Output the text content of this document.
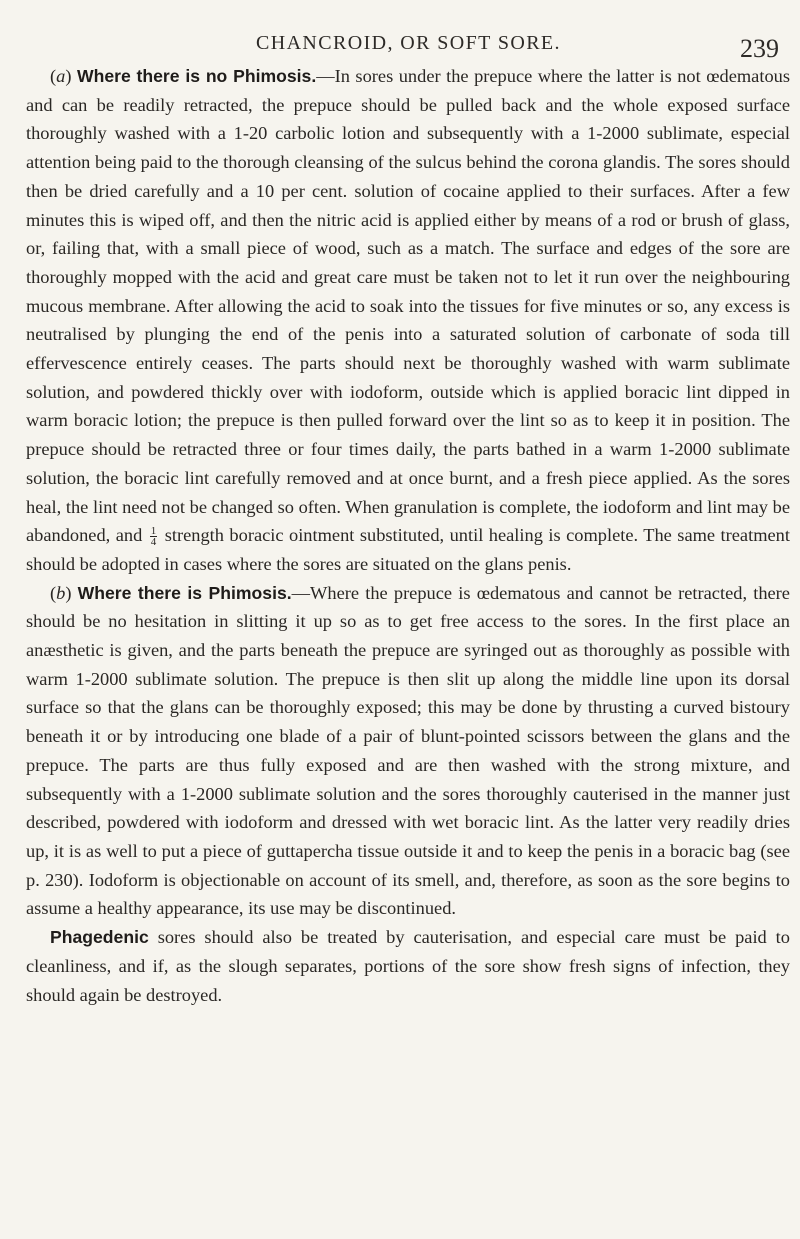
CHANCROID, OR SOFT SORE.	239

(a) Where there is no Phimosis.—In sores under the prepuce where the latter is not œdematous and can be readily retracted, the prepuce should be pulled back and the whole exposed surface thoroughly washed with a 1-20 carbolic lotion and subsequently with a 1-2000 sublimate, especial attention being paid to the thorough cleansing of the sulcus behind the corona glandis. The sores should then be dried carefully and a 10 per cent. solution of cocaine applied to their surfaces. After a few minutes this is wiped off, and then the nitric acid is applied either by means of a rod or brush of glass, or, failing that, with a small piece of wood, such as a match. The surface and edges of the sore are thoroughly mopped with the acid and great care must be taken not to let it run over the neighbouring mucous membrane. After allowing the acid to soak into the tissues for five minutes or so, any excess is neutralised by plunging the end of the penis into a saturated solution of carbonate of soda till effervescence entirely ceases. The parts should next be thoroughly washed with warm sublimate solution, and powdered thickly over with iodoform, outside which is applied boracic lint dipped in warm boracic lotion; the prepuce is then pulled forward over the lint so as to keep it in position. The prepuce should be retracted three or four times daily, the parts bathed in a warm 1-2000 sublimate solution, the boracic lint carefully removed and at once burnt, and a fresh piece applied. As the sores heal, the lint need not be changed so often. When granulation is complete, the iodoform and lint may be abandoned, and $\frac{1}{4}$ strength boracic ointment substituted, until healing is complete. The same treatment should be adopted in cases where the sores are situated on the glans penis.

(b) Where there is Phimosis.—Where the prepuce is œdematous and cannot be retracted, there should be no hesitation in slitting it up so as to get free access to the sores. In the first place an anæsthetic is given, and the parts beneath the prepuce are syringed out as thoroughly as possible with warm 1-2000 sublimate solution. The prepuce is then slit up along the middle line upon its dorsal surface so that the glans can be thoroughly exposed; this may be done by thrusting a curved bistoury beneath it or by introducing one blade of a pair of blunt-pointed scissors between the glans and the prepuce. The parts are thus fully exposed and are then washed with the strong mixture, and subsequently with a 1-2000 sublimate solution and the sores thoroughly cauterised in the manner just described, powdered with iodoform and dressed with wet boracic lint. As the latter very readily dries up, it is as well to put a piece of guttapercha tissue outside it and to keep the penis in a boracic bag (see p. 230). Iodoform is objectionable on account of its smell, and, therefore, as soon as the sore begins to assume a healthy appearance, its use may be discontinued.

Phagedenic sores should also be treated by cauterisation, and especial care must be paid to cleanliness, and if, as the slough separates, portions of the sore show fresh signs of infection, they should again be destroyed.
